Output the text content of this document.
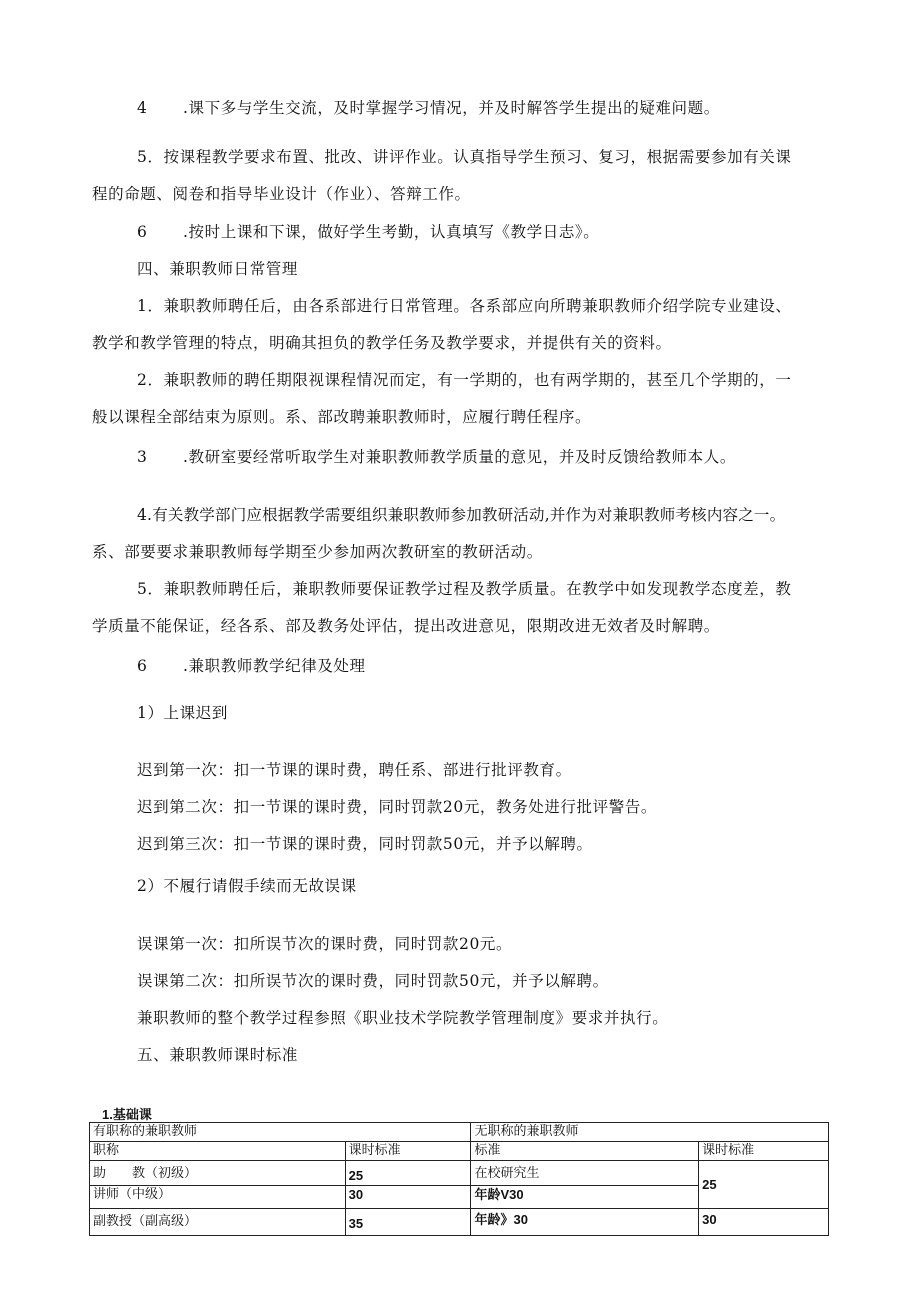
4 .课下多与学生交流，及时掌握学习情况，并及时解答学生提出的疑难问题。
5．按课程教学要求布置、批改、讲评作业。认真指导学生预习、复习，根据需要参加有关课
程的命题、阅卷和指导毕业设计（作业）、答辩工作。
6 .按时上课和下课，做好学生考勤，认真填写《教学日志》。
四、兼职教师日常管理
1．兼职教师聘任后，由各系部进行日常管理。各系部应向所聘兼职教师介绍学院专业建设、
教学和教学管理的特点，明确其担负的教学任务及教学要求，并提供有关的资料。
2．兼职教师的聘任期限视课程情况而定，有一学期的，也有两学期的，甚至几个学期的，一
般以课程全部结束为原则。系、部改聘兼职教师时，应履行聘任程序。
3 .教研室要经常听取学生对兼职教师教学质量的意见，并及时反馈给教师本人。
4.有关教学部门应根据教学需要组织兼职教师参加教研活动,并作为对兼职教师考核内容之一。
系、部要要求兼职教师每学期至少参加两次教研室的教研活动。
5．兼职教师聘任后，兼职教师要保证教学过程及教学质量。在教学中如发现教学态度差，教
学质量不能保证，经各系、部及教务处评估，提出改进意见，限期改进无效者及时解聘。
6 .兼职教师教学纪律及处理
1）上课迟到
迟到第一次：扣一节课的课时费，聘任系、部进行批评教育。
迟到第二次：扣一节课的课时费，同时罚款20元，教务处进行批评警告。
迟到第三次：扣一节课的课时费，同时罚款50元，并予以解聘。
2）不履行请假手续而无故误课
误课第一次：扣所误节次的课时费，同时罚款20元。
误课第二次：扣所误节次的课时费，同时罚款50元，并予以解聘。
兼职教师的整个教学过程参照《职业技术学院教学管理制度》要求并执行。
五、兼职教师课时标准
1.基础课
有职称的兼职教师		无职称的兼职教师	
职称	课时标准	标准	课时标准
助　　教（初级）	25	在校研究生	25
讲师（中级）	30	年龄V30	
副教授（副高级）	35	年龄》30	30
